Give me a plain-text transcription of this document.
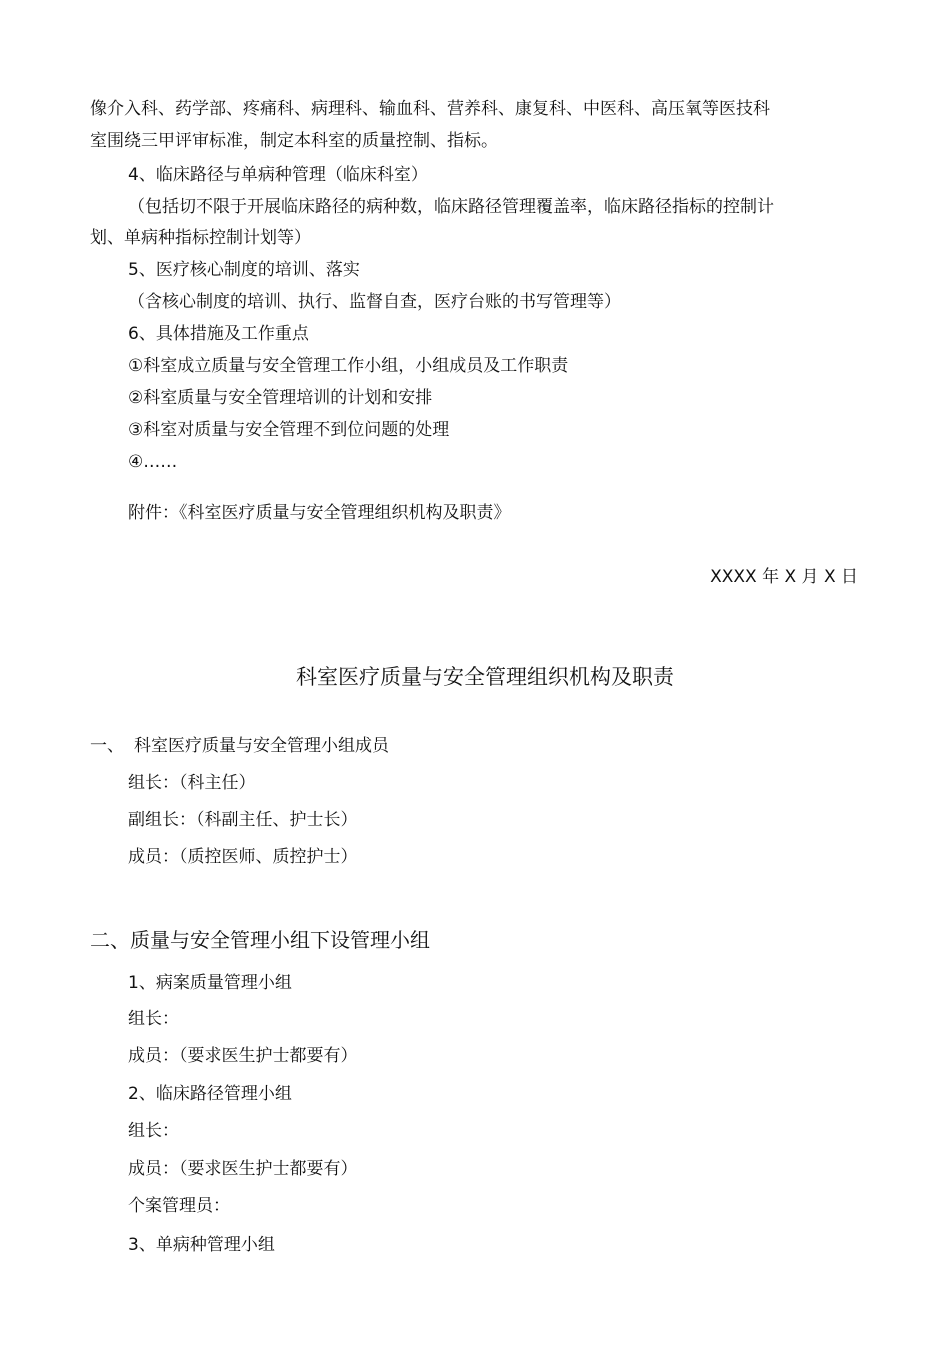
像介入科、药学部、疼痛科、病理科、输血科、营养科、康复科、中医科、高压氧等医技科
室围绕三甲评审标准，制定本科室的质量控制、指标。
4、临床路径与单病种管理（临床科室）
（包括切不限于开展临床路径的病种数，临床路径管理覆盖率，临床路径指标的控制计
划、单病种指标控制计划等）
5、医疗核心制度的培训、落实
（含核心制度的培训、执行、监督自查，医疗台账的书写管理等）
6、具体措施及工作重点
①科室成立质量与安全管理工作小组，小组成员及工作职责
②科室质量与安全管理培训的计划和安排
③科室对质量与安全管理不到位问题的处理
④……
附件：《科室医疗质量与安全管理组织机构及职责》
XXXX 年 X 月 X 日
科室医疗质量与安全管理组织机构及职责
一、 科室医疗质量与安全管理小组成员
组长：（科主任）
副组长：（科副主任、护士长）
成员：（质控医师、质控护士）
二、质量与安全管理小组下设管理小组
1、病案质量管理小组
组长：
成员：（要求医生护士都要有）
2、临床路径管理小组
组长：
成员：（要求医生护士都要有）
个案管理员：
3、单病种管理小组
